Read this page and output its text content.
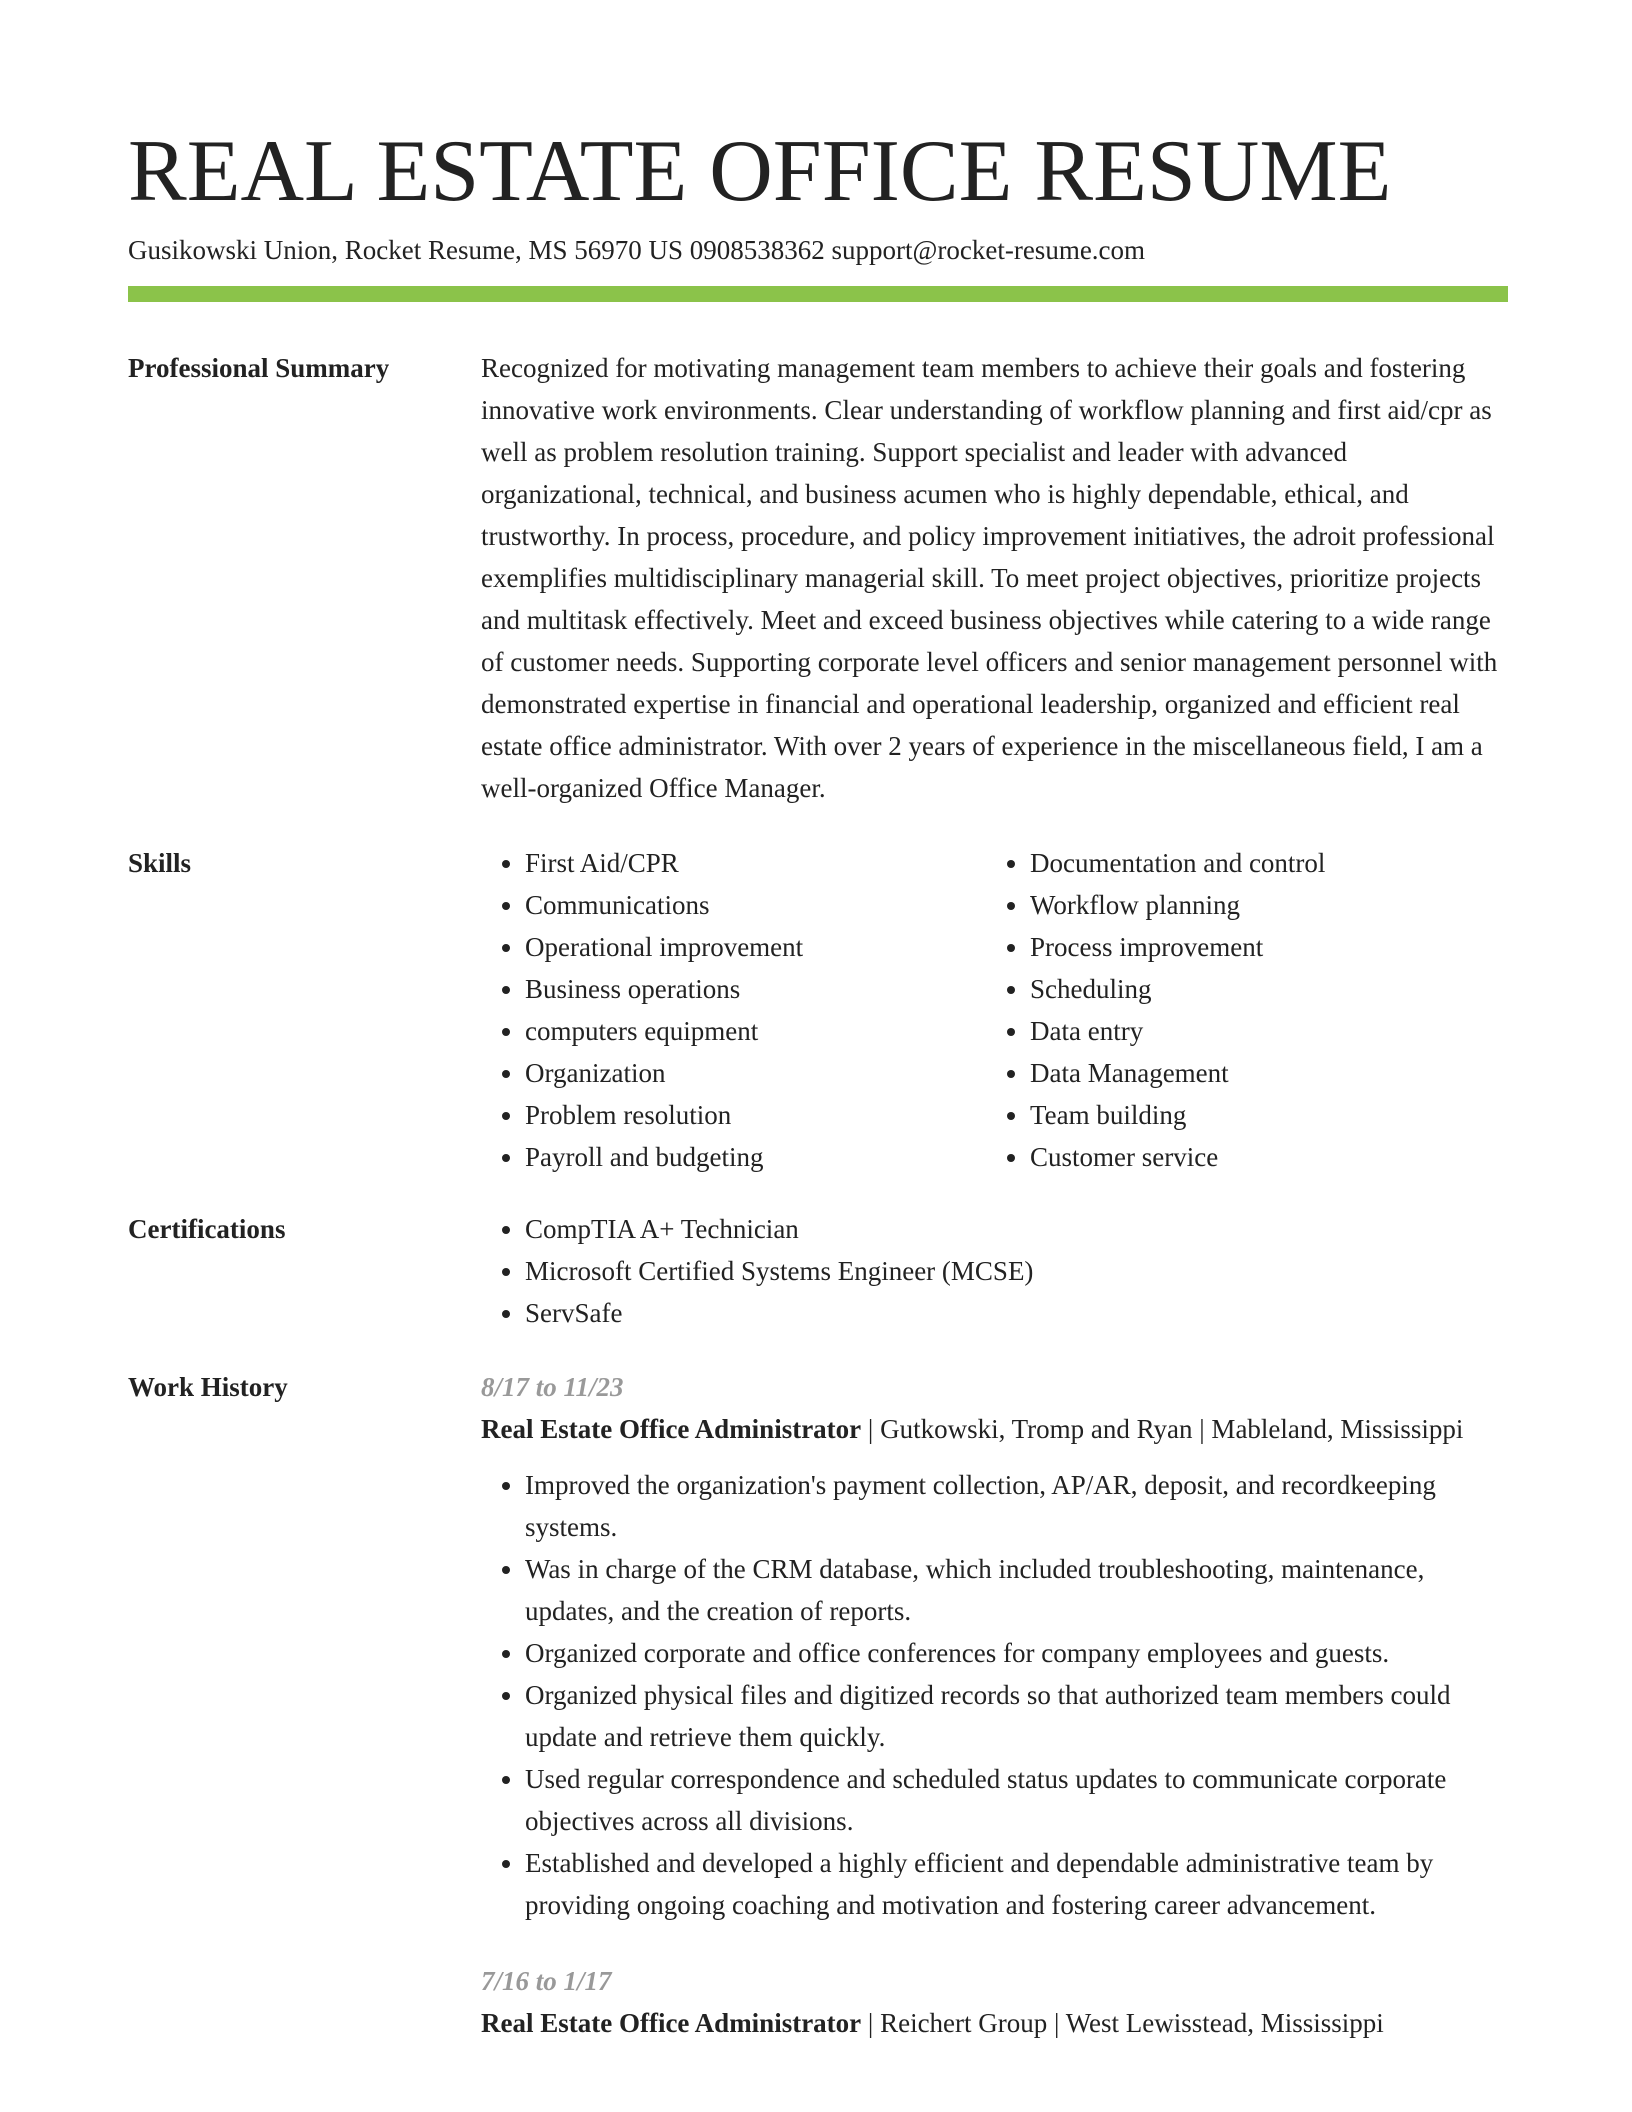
REAL ESTATE OFFICE RESUME
Gusikowski Union, Rocket Resume, MS 56970 US 0908538362 support@rocket-resume.com
Professional Summary	Recognized for motivating management team members to achieve their goals and fostering innovative work environments. Clear understanding of workflow planning and first aid/cpr as well as problem resolution training. Support specialist and leader with advanced organizational, technical, and business acumen who is highly dependable, ethical, and trustworthy. In process, procedure, and policy improvement initiatives, the adroit professional exemplifies multidisciplinary managerial skill. To meet project objectives, prioritize projects and multitask effectively. Meet and exceed business objectives while catering to a wide range of customer needs. Supporting corporate level officers and senior management personnel with demonstrated expertise in financial and operational leadership, organized and efficient real estate office administrator. With over 2 years of experience in the miscellaneous field, I am a well-organized Office Manager.

Skills	• First Aid/CPR
• Communications
• Operational improvement
• Business operations
• computers equipment
• Organization
• Problem resolution
• Payroll and budgeting
• Documentation and control
• Workflow planning
• Process improvement
• Scheduling
• Data entry
• Data Management
• Team building
• Customer service
Certifications	• CompTIA A+ Technician
• Microsoft Certified Systems Engineer (MCSE)
• ServSafe
Work History	8/17 to 11/23
Real Estate Office Administrator | Gutkowski, Tromp and Ryan | Mableland, Mississippi
• Improved the organization's payment collection, AP/AR, deposit, and recordkeeping systems.
• Was in charge of the CRM database, which included troubleshooting, maintenance, updates, and the creation of reports.
• Organized corporate and office conferences for company employees and guests.
• Organized physical files and digitized records so that authorized team members could update and retrieve them quickly.
• Used regular correspondence and scheduled status updates to communicate corporate objectives across all divisions.
• Established and developed a highly efficient and dependable administrative team by providing ongoing coaching and motivation and fostering career advancement.
7/16 to 1/17
Real Estate Office Administrator | Reichert Group | West Lewisstead, Mississippi
